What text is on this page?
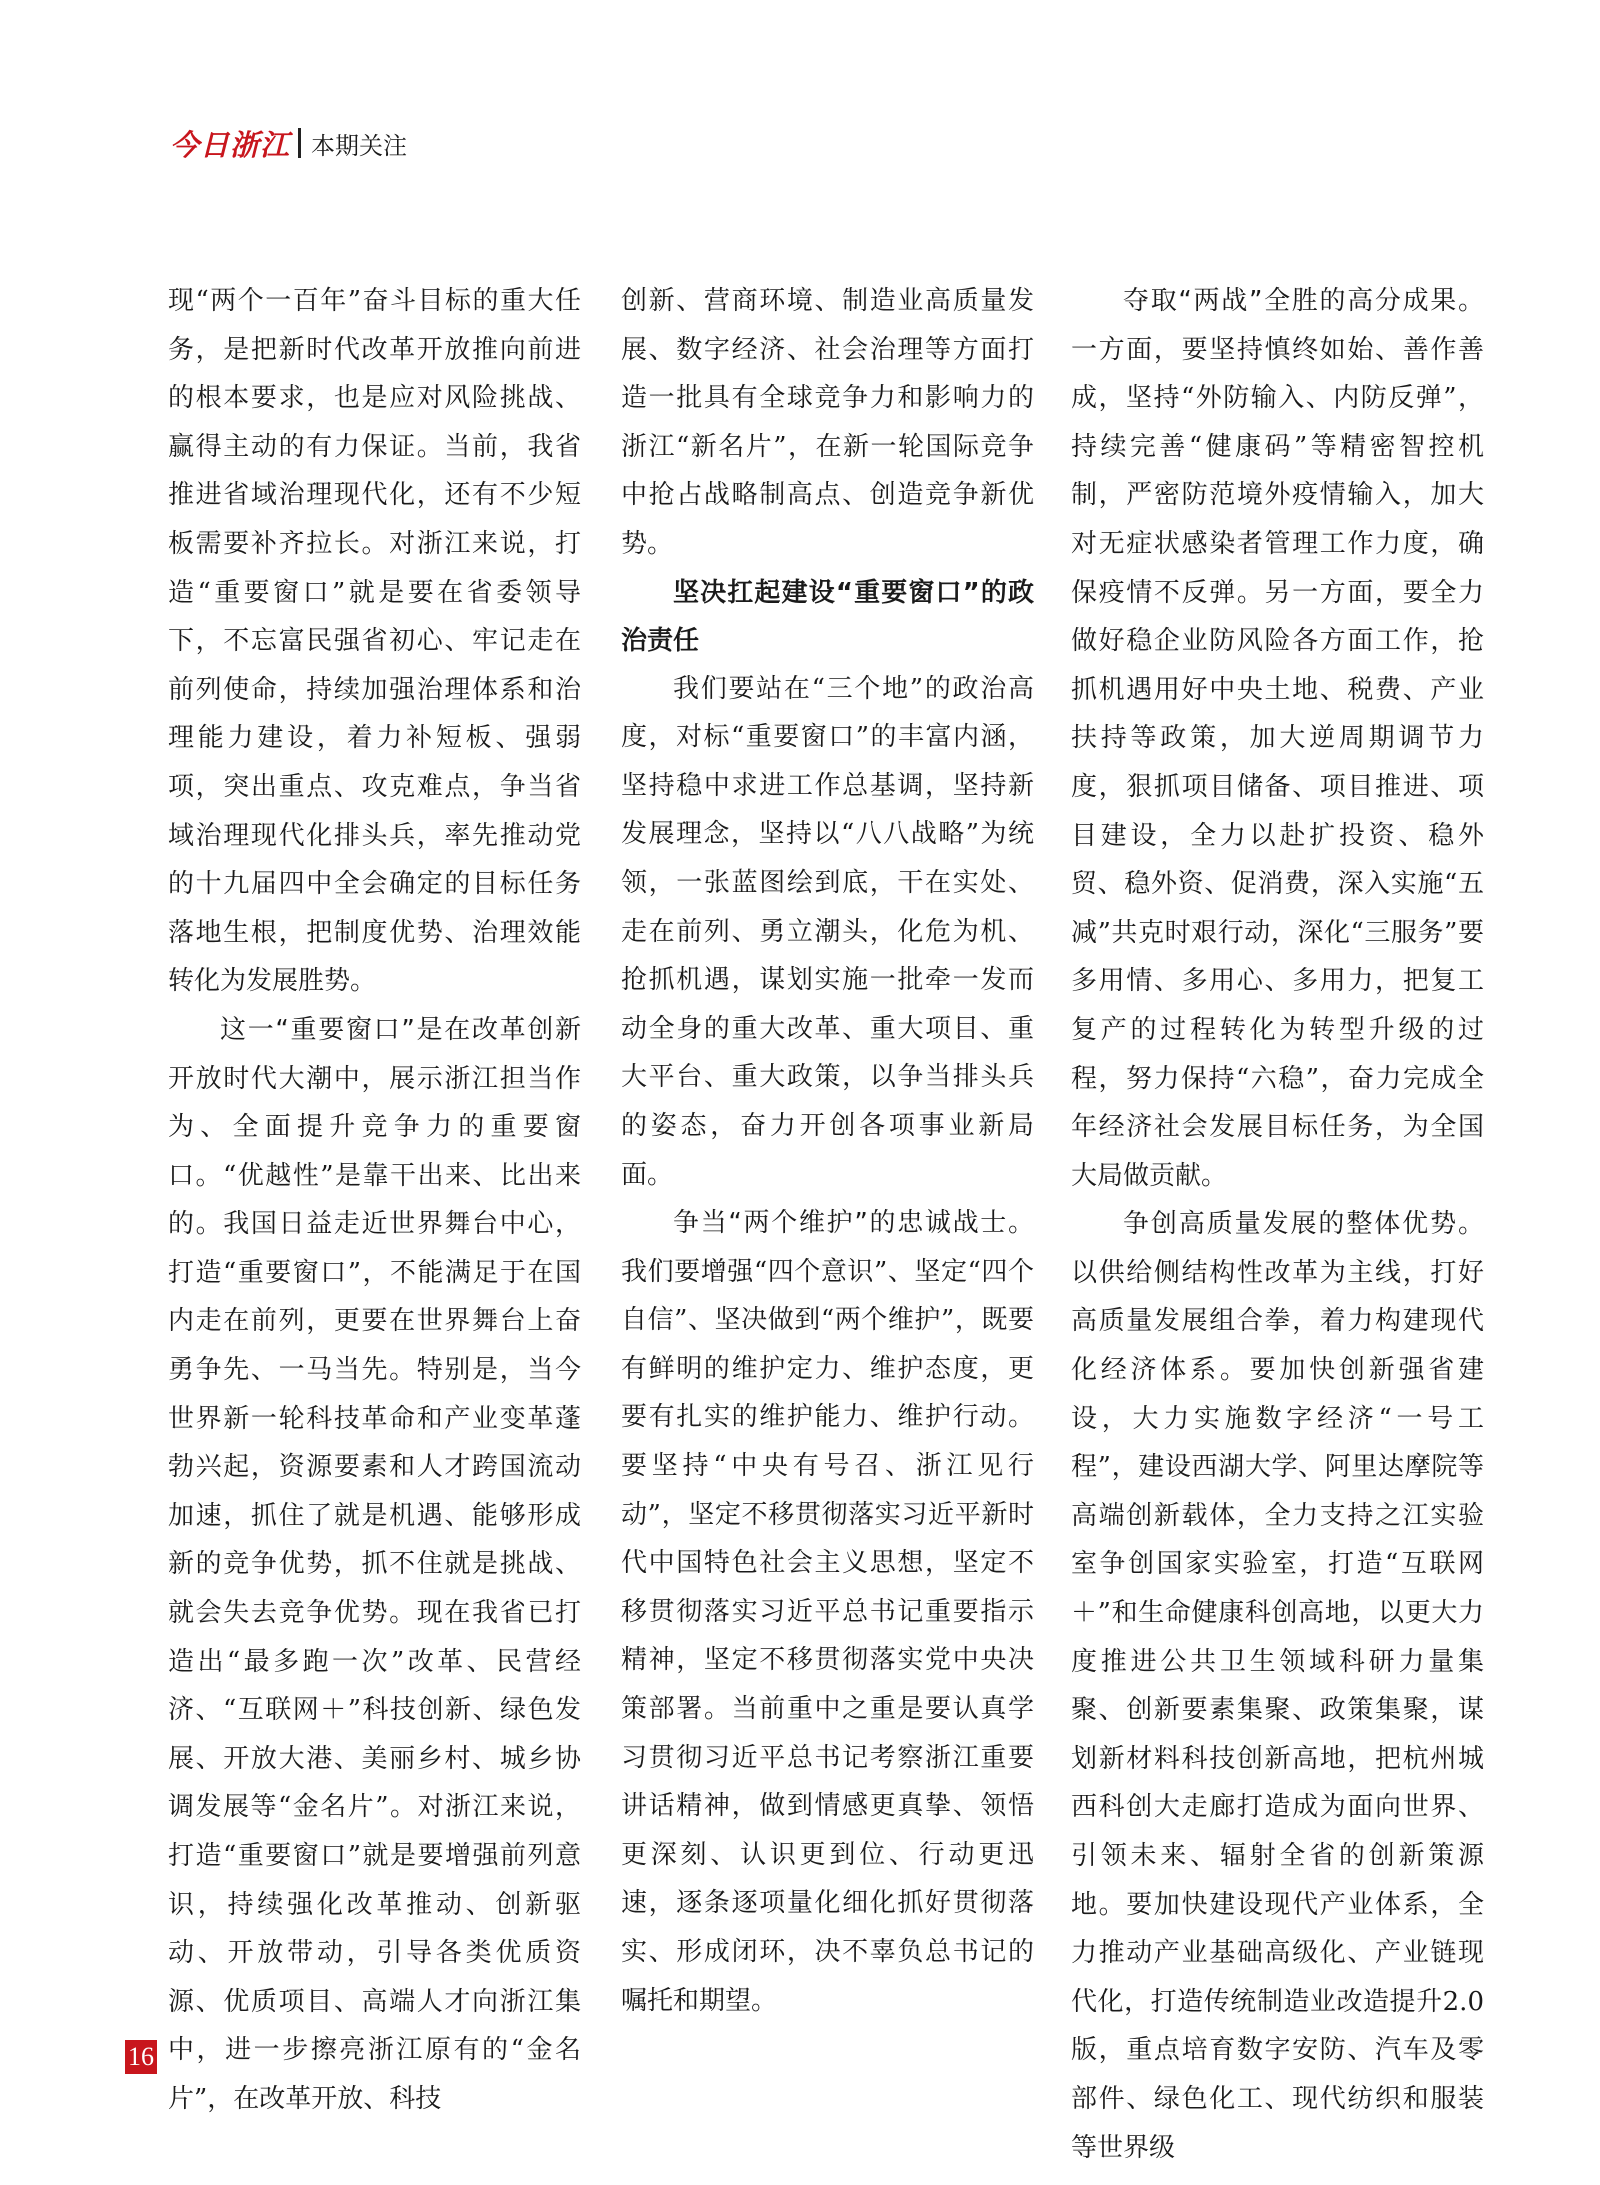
今日浙江 本期关注

现“两个一百年”奋斗目标的重大任务，是把新时代改革开放推向前进的根本要求，也是应对风险挑战、赢得主动的有力保证。当前，我省推进省域治理现代化，还有不少短板需要补齐拉长。对浙江来说，打造“重要窗口”就是要在省委领导下，不忘富民强省初心、牢记走在前列使命，持续加强治理体系和治理能力建设，着力补短板、强弱项，突出重点、攻克难点，争当省域治理现代化排头兵，率先推动党的十九届四中全会确定的目标任务落地生根，把制度优势、治理效能转化为发展胜势。

这一“重要窗口”是在改革创新开放时代大潮中，展示浙江担当作为、全面提升竞争力的重要窗口。“优越性”是靠干出来、比出来的。我国日益走近世界舞台中心，打造“重要窗口”，不能满足于在国内走在前列，更要在世界舞台上奋勇争先、一马当先。特别是，当今世界新一轮科技革命和产业变革蓬勃兴起，资源要素和人才跨国流动加速，抓住了就是机遇、能够形成新的竞争优势，抓不住就是挑战、就会失去竞争优势。现在我省已打造出“最多跑一次”改革、民营经济、“互联网＋”科技创新、绿色发展、开放大港、美丽乡村、城乡协调发展等“金名片”。对浙江来说，打造“重要窗口”就是要增强前列意识，持续强化改革推动、创新驱动、开放带动，引导各类优质资源、优质项目、高端人才向浙江集中，进一步擦亮浙江原有的“金名片”，在改革开放、科技

创新、营商环境、制造业高质量发展、数字经济、社会治理等方面打造一批具有全球竞争力和影响力的浙江“新名片”，在新一轮国际竞争中抢占战略制高点、创造竞争新优势。

坚决扛起建设“重要窗口”的政治责任

我们要站在“三个地”的政治高度，对标“重要窗口”的丰富内涵，坚持稳中求进工作总基调，坚持新发展理念，坚持以“八八战略”为统领，一张蓝图绘到底，干在实处、走在前列、勇立潮头，化危为机、抢抓机遇，谋划实施一批牵一发而动全身的重大改革、重大项目、重大平台、重大政策，以争当排头兵的姿态，奋力开创各项事业新局面。

争当“两个维护”的忠诚战士。我们要增强“四个意识”、坚定“四个自信”、坚决做到“两个维护”，既要有鲜明的维护定力、维护态度，更要有扎实的维护能力、维护行动。要坚持“中央有号召、浙江见行动”，坚定不移贯彻落实习近平新时代中国特色社会主义思想，坚定不移贯彻落实习近平总书记重要指示精神，坚定不移贯彻落实党中央决策部署。当前重中之重是要认真学习贯彻习近平总书记考察浙江重要讲话精神，做到情感更真挚、领悟更深刻、认识更到位、行动更迅速，逐条逐项量化细化抓好贯彻落实、形成闭环，决不辜负总书记的嘱托和期望。

夺取“两战”全胜的高分成果。一方面，要坚持慎终如始、善作善成，坚持“外防输入、内防反弹”，持续完善“健康码”等精密智控机制，严密防范境外疫情输入，加大对无症状感染者管理工作力度，确保疫情不反弹。另一方面，要全力做好稳企业防风险各方面工作，抢抓机遇用好中央土地、税费、产业扶持等政策，加大逆周期调节力度，狠抓项目储备、项目推进、项目建设，全力以赴扩投资、稳外贸、稳外资、促消费，深入实施“五减”共克时艰行动，深化“三服务”要多用情、多用心、多用力，把复工复产的过程转化为转型升级的过程，努力保持“六稳”，奋力完成全年经济社会发展目标任务，为全国大局做贡献。

争创高质量发展的整体优势。以供给侧结构性改革为主线，打好高质量发展组合拳，着力构建现代化经济体系。要加快创新强省建设，大力实施数字经济“一号工程”，建设西湖大学、阿里达摩院等高端创新载体，全力支持之江实验室争创国家实验室，打造“互联网＋”和生命健康科创高地，以更大力度推进公共卫生领域科研力量集聚、创新要素集聚、政策集聚，谋划新材料科技创新高地，把杭州城西科创大走廊打造成为面向世界、引领未来、辐射全省的创新策源地。要加快建设现代产业体系，全力推动产业基础高级化、产业链现代化，打造传统制造业改造提升2.0版，重点培育数字安防、汽车及零部件、绿色化工、现代纺织和服装等世界级

16
